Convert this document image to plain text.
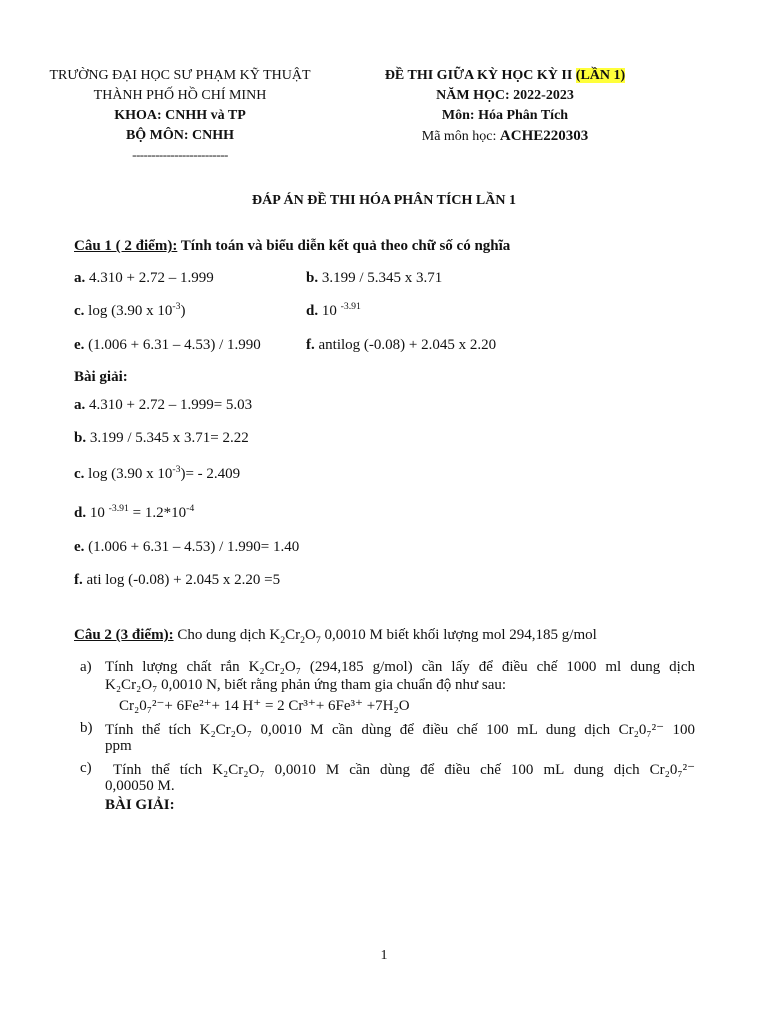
TRƯỜNG ĐẠI HỌC SƯ PHẠM KỸ THUẬT
THÀNH PHỐ HỒ CHÍ MINH
KHOA: CNHH và TP
BỘ MÔN: CNHH
-------------------------
ĐỀ THI GIỮA KỲ HỌC KỲ II (LẦN 1)
NĂM HỌC: 2022-2023
Môn: Hóa Phân Tích
Mã môn học: ACHE220303
ĐÁP ÁN ĐỀ THI HÓA PHÂN TÍCH LẦN 1
Câu 1 ( 2 điểm): Tính toán và biểu diễn kết quả theo chữ số có nghĩa
a. 4.310 + 2.72 – 1.999	b. 3.199 / 5.345 x 3.71
c. log (3.90 x $10^{-3}$)	d. 10 $^{-3.91}$
e. (1.006 + 6.31 – 4.53) / 1.990	f. antilog (-0.08) + 2.045 x 2.20
Bài giải:
a. 4.310 + 2.72 – 1.999= 5.03
b. 3.199 / 5.345 x 3.71= 2.22
c. log (3.90 x $10^{-3})= - 2.409$
d. 10 $^{-3.91} = 1.2*10^{-4}$
e. (1.006 + 6.31 – 4.53) / 1.990= 1.40
f. ati log (-0.08) + 2.045 x 2.20 =5
Câu 2 (3 điểm): Cho dung dịch $K_2Cr_2O_7$ 0,0010 M biết khối lượng mol 294,185 g/mol
a) Tính lượng chất rắn K₂Cr₂O₇ (294,185 g/mol) cần lấy để điều chế 1000 ml dung dịch
K₂Cr₂O₇ 0,0010 N, biết rằng phản ứng tham gia chuẩn độ như sau:
Cr₂0₇²⁻+ 6Fe²⁺+ 14 H⁺ = 2 Cr³⁺+ 6Fe³⁺ +7H₂O
b) Tính thể tích K₂Cr₂O₇ 0,0010 M cần dùng để điều chế 100 mL dung dịch Cr₂0₇²⁻ 100
ppm
c) Tính thể tích K₂Cr₂O₇ 0,0010 M cần dùng để điều chế 100 mL dung dịch Cr₂0₇²⁻
0,00050 M.
BÀI GIẢI:
1
